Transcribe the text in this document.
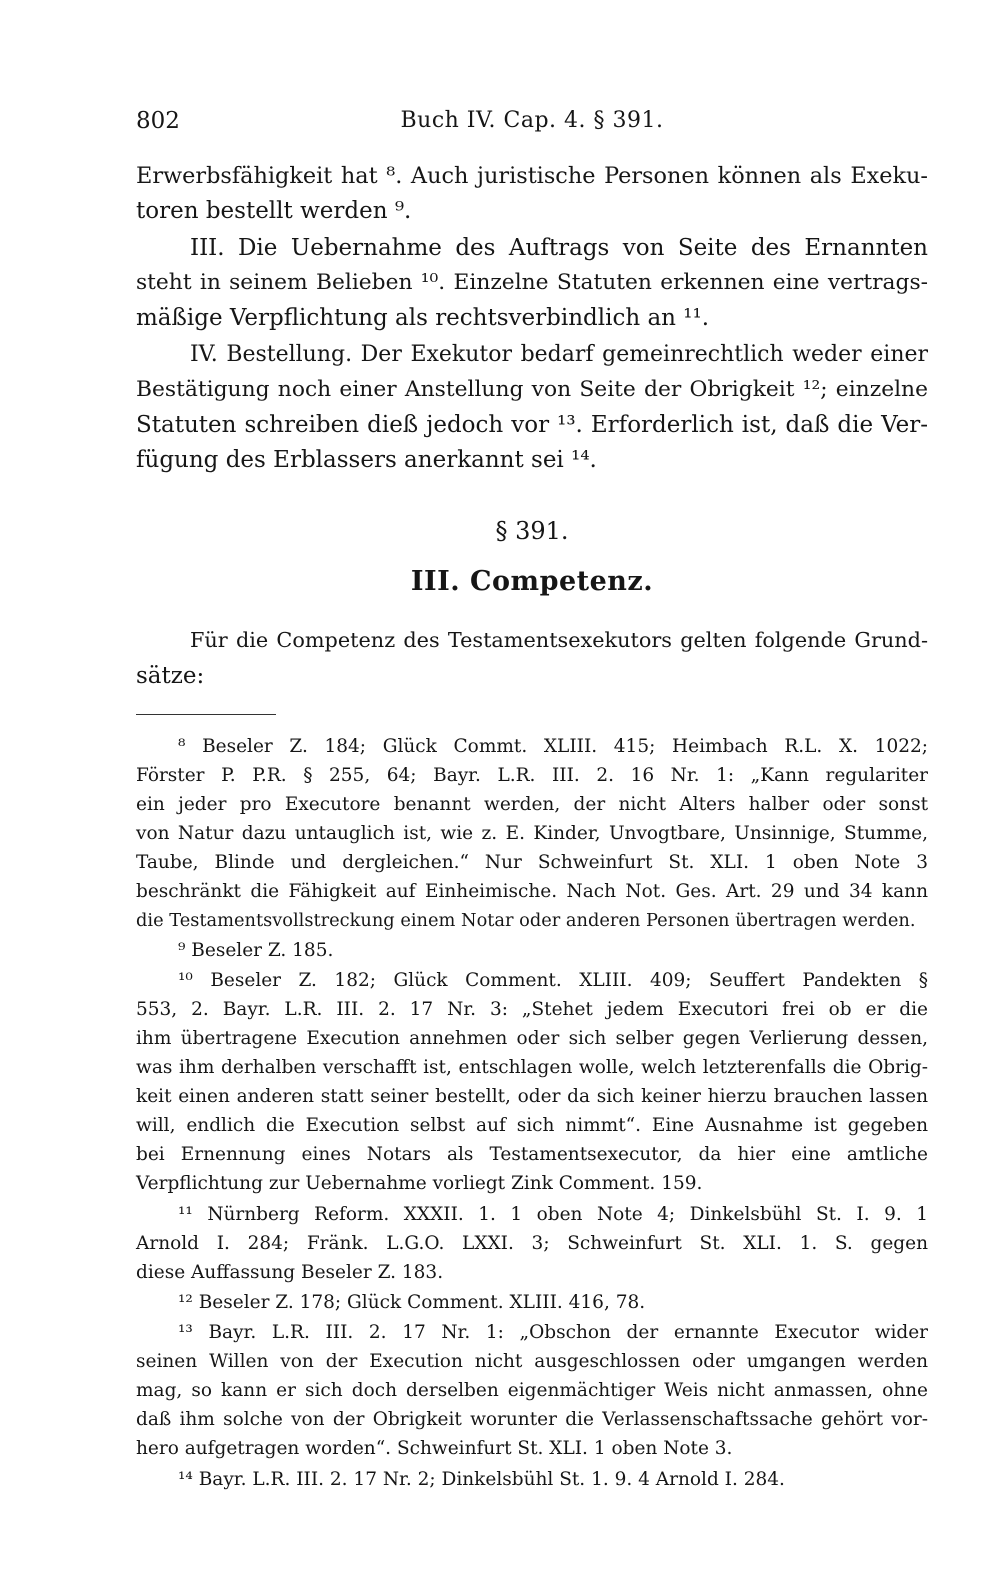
802	Buch IV. Cap. 4. § 391.
Erwerbsfähigkeit hat ⁸. Auch juristische Personen können als Exeku-
toren bestellt werden ⁹.
III. Die Uebernahme des Auftrags von Seite des Ernannten
steht in seinem Belieben ¹⁰. Einzelne Statuten erkennen eine vertrags-
mäßige Verpflichtung als rechtsverbindlich an ¹¹.
IV. Bestellung. Der Exekutor bedarf gemeinrechtlich weder einer
Bestätigung noch einer Anstellung von Seite der Obrigkeit ¹²; einzelne
Statuten schreiben dieß jedoch vor ¹³. Erforderlich ist, daß die Ver-
fügung des Erblassers anerkannt sei ¹⁴.
§ 391.
III. Competenz.
Für die Competenz des Testamentsexekutors gelten folgende Grund-
sätze:
⁸ Beseler Z. 184; Glück Commt. XLIII. 415; Heimbach R.L. X. 1022;
Förster P. P.R. § 255, 64; Bayr. L.R. III. 2. 16 Nr. 1: „Kann regulariter
ein jeder pro Executore benannt werden, der nicht Alters halber oder sonst
von Natur dazu untauglich ist, wie z. E. Kinder, Unvogtbare, Unsinnige, Stumme,
Taube, Blinde und dergleichen.“ Nur Schweinfurt St. XLI. 1 oben Note 3
beschränkt die Fähigkeit auf Einheimische. Nach Not. Ges. Art. 29 und 34 kann
die Testamentsvollstreckung einem Notar oder anderen Personen übertragen werden.
⁹ Beseler Z. 185.
¹⁰ Beseler Z. 182; Glück Comment. XLIII. 409; Seuffert Pandekten §
553, 2. Bayr. L.R. III. 2. 17 Nr. 3: „Stehet jedem Executori frei ob er die
ihm übertragene Execution annehmen oder sich selber gegen Verlierung dessen,
was ihm derhalben verschafft ist, entschlagen wolle, welch letzterenfalls die Obrig-
keit einen anderen statt seiner bestellt, oder da sich keiner hierzu brauchen lassen
will, endlich die Execution selbst auf sich nimmt“. Eine Ausnahme ist gegeben
bei Ernennung eines Notars als Testamentsexecutor, da hier eine amtliche
Verpflichtung zur Uebernahme vorliegt Zink Comment. 159.
¹¹ Nürnberg Reform. XXXII. 1. 1 oben Note 4; Dinkelsbühl St. I. 9. 1
Arnold I. 284; Fränk. L.G.O. LXXI. 3; Schweinfurt St. XLI. 1. S. gegen
diese Auffassung Beseler Z. 183.
¹² Beseler Z. 178; Glück Comment. XLIII. 416, 78.
¹³ Bayr. L.R. III. 2. 17 Nr. 1: „Obschon der ernannte Executor wider
seinen Willen von der Execution nicht ausgeschlossen oder umgangen werden
mag, so kann er sich doch derselben eigenmächtiger Weis nicht anmassen, ohne
daß ihm solche von der Obrigkeit worunter die Verlassenschaftssache gehört vor-
hero aufgetragen worden“. Schweinfurt St. XLI. 1 oben Note 3.
¹⁴ Bayr. L.R. III. 2. 17 Nr. 2; Dinkelsbühl St. 1. 9. 4 Arnold I. 284.
